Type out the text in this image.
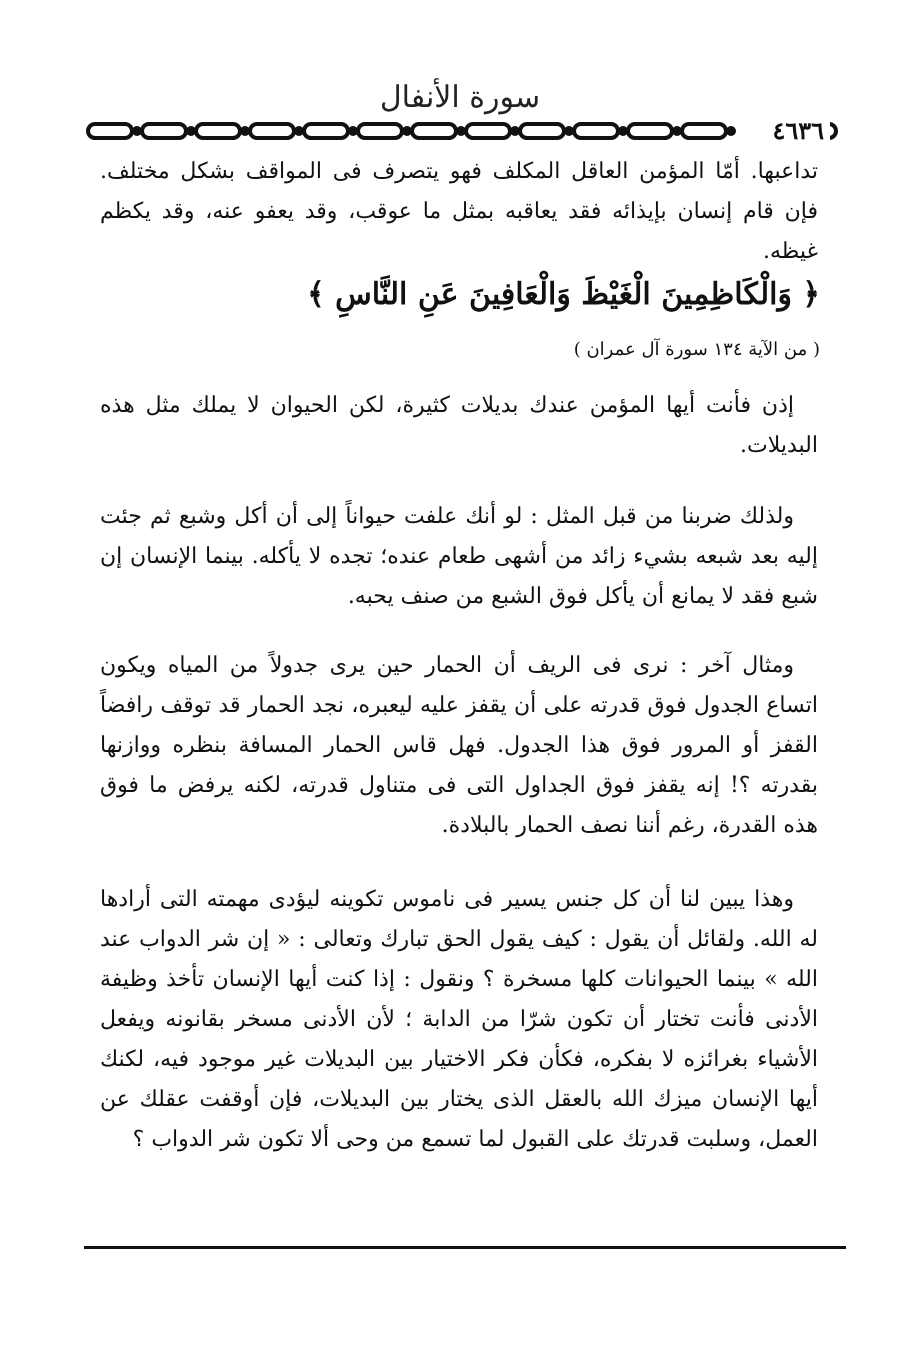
سورة الأنفال
٤٦٣٦

تداعبها. أمّا المؤمن العاقل المكلف فهو يتصرف فى المواقف بشكل مختلف. فإن قام إنسان بإيذائه فقد يعاقبه بمثل ما عوقب، وقد يعفو عنه، وقد يكظم غيظه.

﴿ وَالْكَاظِمِينَ الْغَيْظَ وَالْعَافِينَ عَنِ النَّاسِ ﴾
( من الآية ١٣٤ سورة آل عمران )

إذن فأنت أيها المؤمن عندك بديلات كثيرة، لكن الحيوان لا يملك مثل هذه البديلات.

ولذلك ضربنا من قبل المثل : لو أنك علفت حيواناً إلى أن أكل وشبع ثم جئت إليه بعد شبعه بشيء زائد من أشهى طعام عنده؛ تجده لا يأكله. بينما الإنسان إن شبع فقد لا يمانع أن يأكل فوق الشبع من صنف يحبه.

ومثال آخر : نرى فى الريف أن الحمار حين يرى جدولاً من المياه ويكون اتساع الجدول فوق قدرته على أن يقفز عليه ليعبره، نجد الحمار قد توقف رافضاً القفز أو المرور فوق هذا الجدول. فهل قاس الحمار المسافة بنظره ووازنها بقدرته ؟! إنه يقفز فوق الجداول التى فى متناول قدرته، لكنه يرفض ما فوق هذه القدرة، رغم أننا نصف الحمار بالبلادة.

وهذا يبين لنا أن كل جنس يسير فى ناموس تكوينه ليؤدى مهمته التى أرادها له الله. ولقائل أن يقول : كيف يقول الحق تبارك وتعالى : « إن شر الدواب عند الله » بينما الحيوانات كلها مسخرة ؟ ونقول : إذا كنت أيها الإنسان تأخذ وظيفة الأدنى فأنت تختار أن تكون شرّا من الدابة ؛ لأن الأدنى مسخر بقانونه ويفعل الأشياء بغرائزه لا بفكره، فكأن فكر الاختيار بين البديلات غير موجود فيه، لكنك أيها الإنسان ميزك الله بالعقل الذى يختار بين البديلات، فإن أوقفت عقلك عن العمل، وسلبت قدرتك على القبول لما تسمع من وحى ألا تكون شر الدواب ؟
